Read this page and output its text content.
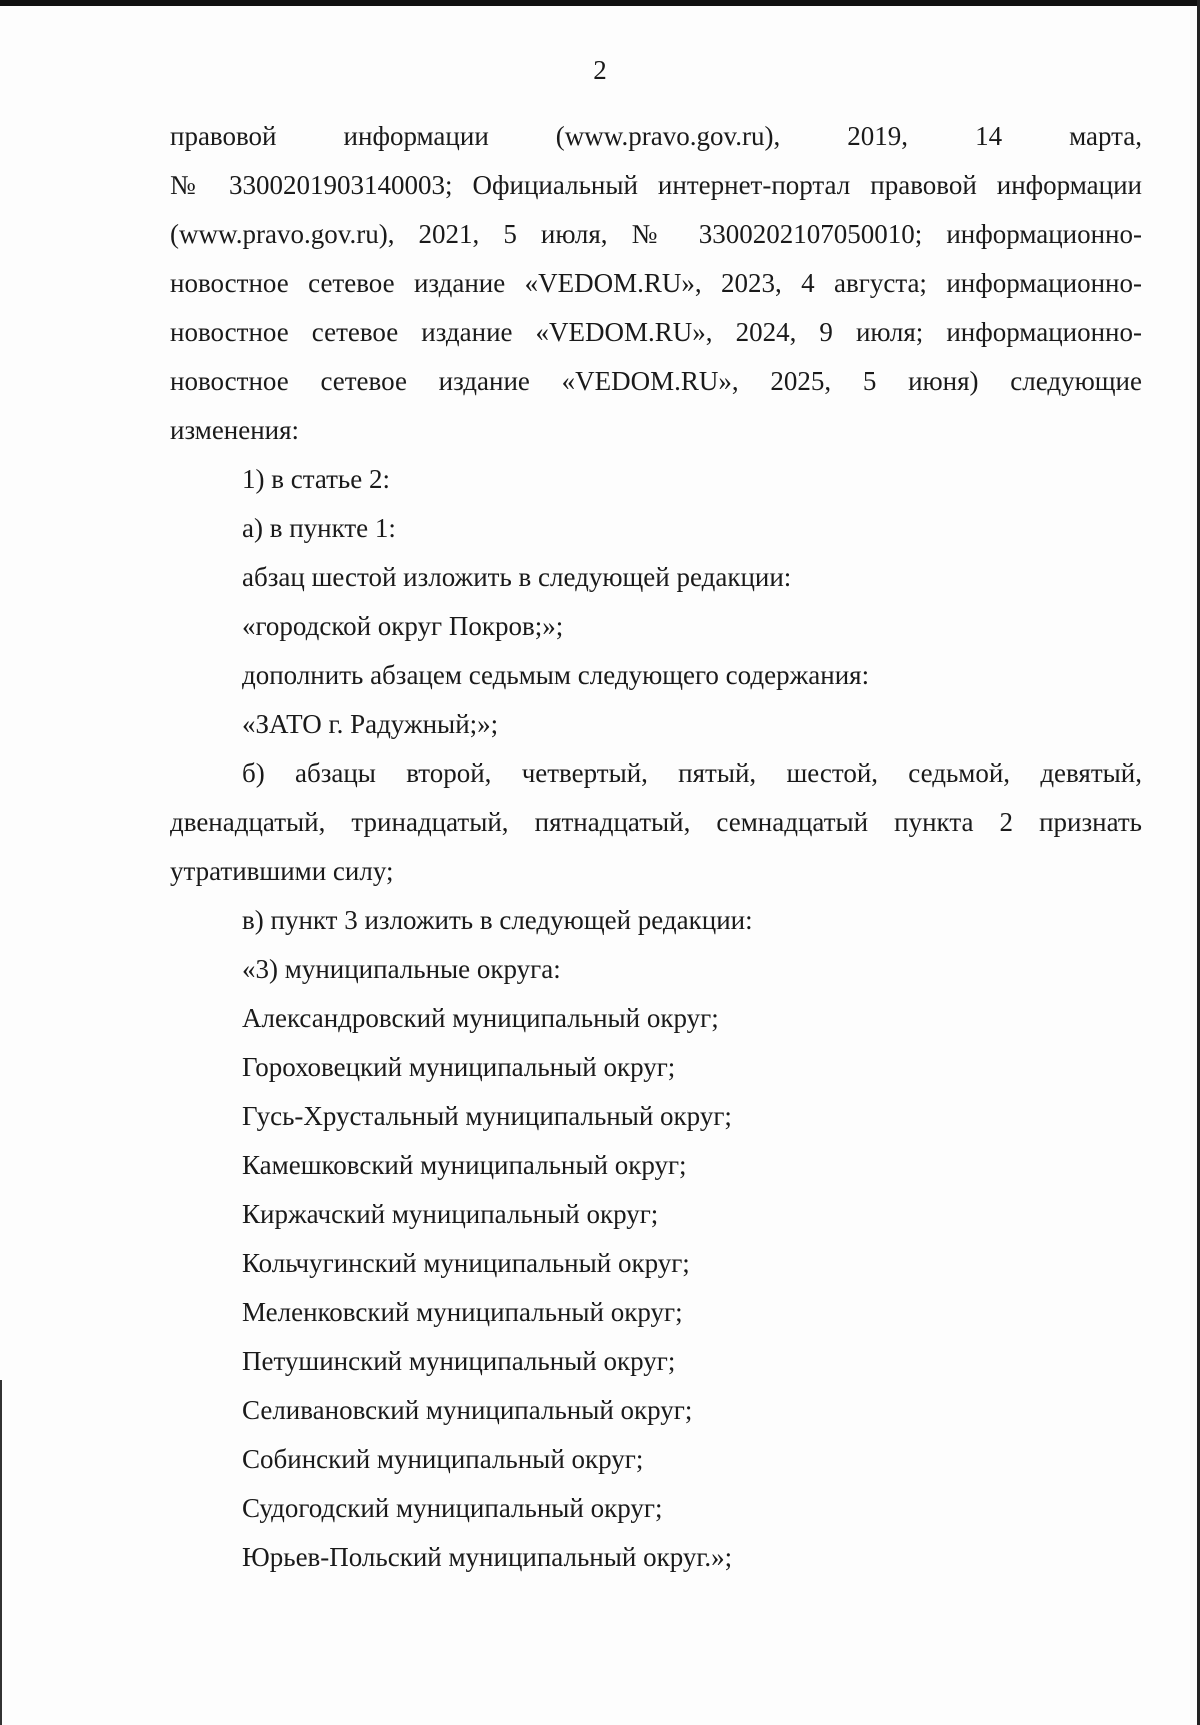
2

правовой информации (www.pravo.gov.ru), 2019, 14 марта,
№ 3300201903140003; Официальный интернет-портал правовой информации
(www.pravo.gov.ru), 2021, 5 июля, № 3300202107050010; информационно-
новостное сетевое издание «VEDOM.RU», 2023, 4 августа; информационно-
новостное сетевое издание «VEDOM.RU», 2024, 9 июля; информационно-
новостное сетевое издание «VEDOM.RU», 2025, 5 июня) следующие
изменения:

1) в статье 2:

а) в пункте 1:

абзац шестой изложить в следующей редакции:

«городской округ Покров;»;

дополнить абзацем седьмым следующего содержания:

«ЗАТО г. Радужный;»;

б) абзацы второй, четвертый, пятый, шестой, седьмой, девятый,
двенадцатый, тринадцатый, пятнадцатый, семнадцатый пункта 2 признать
утратившими силу;

в) пункт 3 изложить в следующей редакции:

«3) муниципальные округа:

Александровский муниципальный округ;

Гороховецкий муниципальный округ;

Гусь-Хрустальный муниципальный округ;

Камешковский муниципальный округ;

Киржачский муниципальный округ;

Кольчугинский муниципальный округ;

Меленковский муниципальный округ;

Петушинский муниципальный округ;

Селивановский муниципальный округ;

Собинский муниципальный округ;

Судогодский муниципальный округ;

Юрьев-Польский муниципальный округ.»;
